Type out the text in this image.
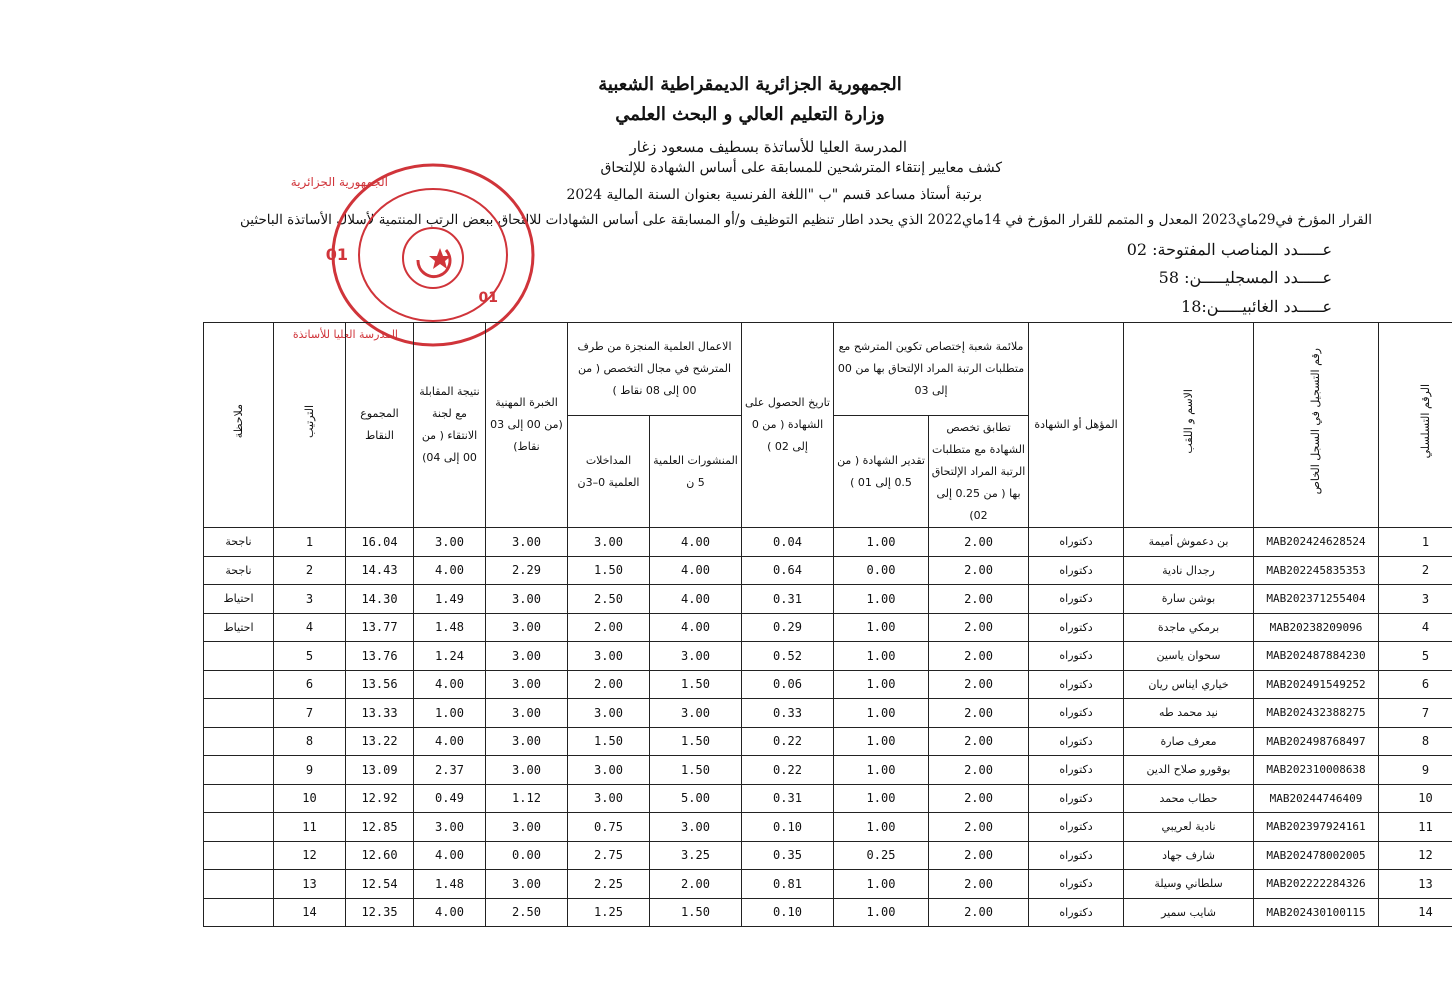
الجمهورية الجزائرية الديمقراطية الشعبية
وزارة التعليم العالي و البحث العلمي
المدرسة العليا للأساتذة بسطيف مسعود زغار
كشف معايير إنتقاء المترشحين للمسابقة على أساس الشهادة للإلتحاق
برتبة أستاذ مساعد قسم "ب "اللغة الفرنسية بعنوان السنة المالية 2024
القرار المؤرخ في29ماي2023 المعدل و المتمم للقرار المؤرخ في 14ماي2022 الذي يحدد اطار تنظيم التوظيف و/أو المسابقة على أساس الشهادات للالتحاق ببعض الرتب المنتمية لأسلاك الأساتذة الباحثين
عـــــدد المناصب المفتوحة: 02
عـــــدد المسجليـــــن: 58
عـــــدد الغائبيـــــن:18
01
01
الجمهورية الجزائرية
المدرسة العليا للأساتذة
الرقم التسلسلي	رقم التسجيل في السجل الخاص	الاسم و اللقب	المؤهل أو الشهادة	ملائمة شعبة إختصاص تكوين المترشح مع متطلبات الرتبة المراد الإلتحاق بها من 00 إلى 03		تاريخ الحصول على الشهادة ( من 0 إلى 02 )	الاعمال العلمية المنجزة من طرف المترشح في مجال التخصص ( من 00 إلى 08 نقاط )		الخبرة المهنية (من 00 إلى 03 نقاط)	نتيجة المقابلة مع لجنة الانتقاء ( من 00 إلى 04)	المجموع النقاط	الترتيب	ملاحظة
				تطابق تخصص الشهادة مع متطلبات الرتبة المراد الإلتحاق بها ( من 0.25 إلى 02)	تقدير الشهادة ( من 0.5 إلى 01 )		المنشورات العلمية 5 ن	المداخلات العلمية 0–3ن					
1	MAB202424628524	بن دعموش أميمة	دكتوراه	2.00	1.00	0.04	4.00	3.00	3.00	3.00	16.04	1	ناجحة
2	MAB202245835353	رجدال نادية	دكتوراه	2.00	0.00	0.64	4.00	1.50	2.29	4.00	14.43	2	ناجحة
3	MAB202371255404	بوشن سارة	دكتوراه	2.00	1.00	0.31	4.00	2.50	3.00	1.49	14.30	3	احتياط
4	MAB20238209096	برمكي ماجدة	دكتوراه	2.00	1.00	0.29	4.00	2.00	3.00	1.48	13.77	4	احتياط
5	MAB202487884230	سحوان ياسين	دكتوراه	2.00	1.00	0.52	3.00	3.00	3.00	1.24	13.76	5	
6	MAB202491549252	خياري ايناس ريان	دكتوراه	2.00	1.00	0.06	1.50	2.00	3.00	4.00	13.56	6	
7	MAB202432388275	نيد محمد طه	دكتوراه	2.00	1.00	0.33	3.00	3.00	3.00	1.00	13.33	7	
8	MAB202498768497	معرف صارة	دكتوراه	2.00	1.00	0.22	1.50	1.50	3.00	4.00	13.22	8	
9	MAB202310008638	بوقورو صلاح الدين	دكتوراه	2.00	1.00	0.22	1.50	3.00	3.00	2.37	13.09	9	
10	MAB20244746409	حطاب محمد	دكتوراه	2.00	1.00	0.31	5.00	3.00	1.12	0.49	12.92	10	
11	MAB202397924161	نادية لعريبي	دكتوراه	2.00	1.00	0.10	3.00	0.75	3.00	3.00	12.85	11	
12	MAB202478002005	شارف جهاد	دكتوراه	2.00	0.25	0.35	3.25	2.75	0.00	4.00	12.60	12	
13	MAB202222284326	سلطاني وسيلة	دكتوراه	2.00	1.00	0.81	2.00	2.25	3.00	1.48	12.54	13	
14	MAB202430100115	شايب سمير	دكتوراه	2.00	1.00	0.10	1.50	1.25	2.50	4.00	12.35	14	
